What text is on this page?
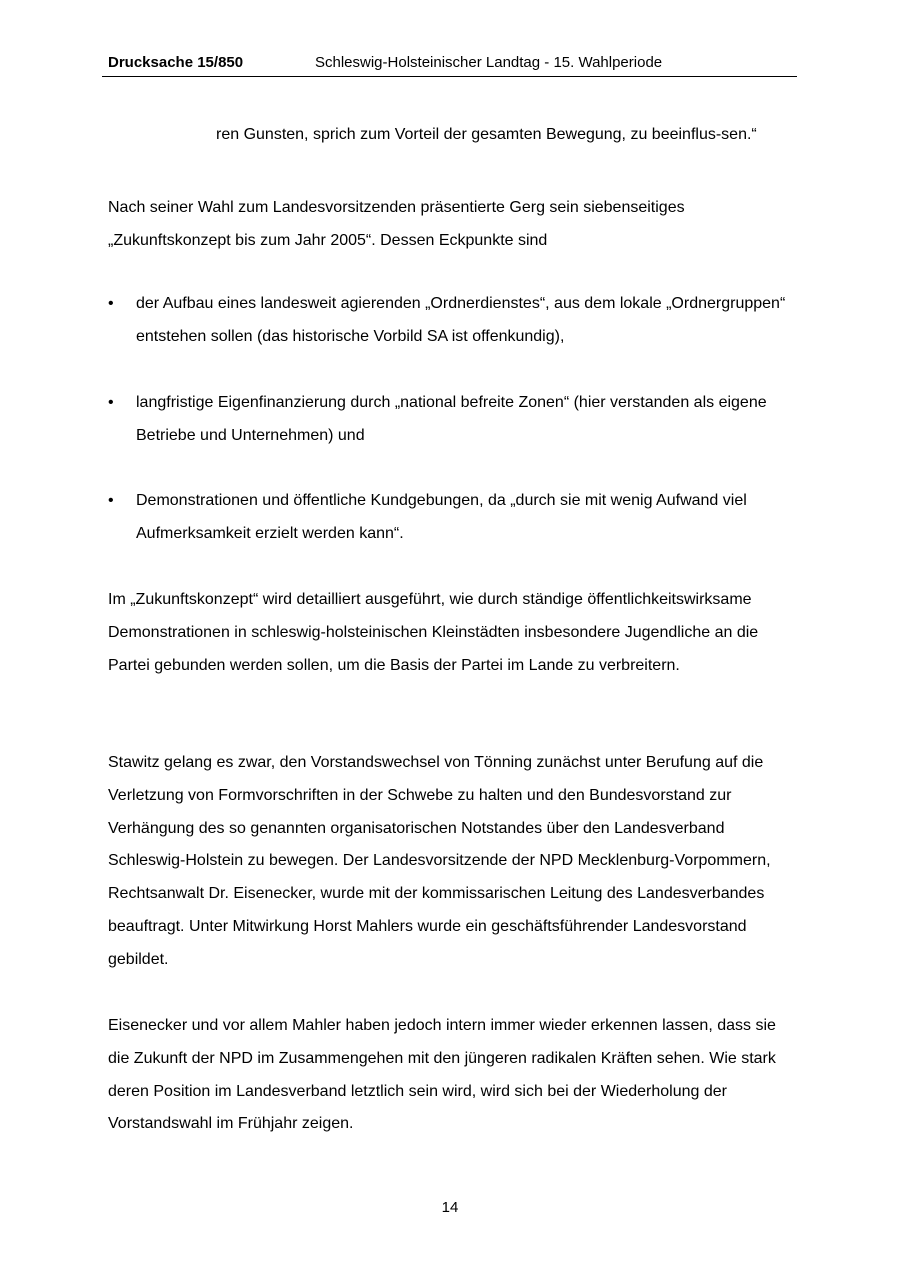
Drucksache 15/850	Schleswig-Holsteinischer Landtag - 15. Wahlperiode
ren Gunsten, sprich zum Vorteil der gesamten Bewegung, zu beeinflus-sen.“

Nach seiner Wahl zum Landesvorsitzenden präsentierte Gerg sein siebenseitiges „Zukunftskonzept bis zum Jahr 2005“. Dessen Eckpunkte sind

• der Aufbau eines landesweit agierenden „Ordnerdienstes“, aus dem lokale „Ordnergruppen“ entstehen sollen (das historische Vorbild SA ist offenkundig),
• langfristige Eigenfinanzierung durch „national befreite Zonen“ (hier verstanden als eigene Betriebe und Unternehmen) und
• Demonstrationen und öffentliche Kundgebungen, da „durch sie mit wenig Aufwand viel Aufmerksamkeit erzielt werden kann“.

Im „Zukunftskonzept“ wird detailliert ausgeführt, wie durch ständige öffentlichkeitswirksame Demonstrationen in schleswig-holsteinischen Kleinstädten insbesondere Jugendliche an die Partei gebunden werden sollen, um die Basis der Partei im Lande zu verbreitern.

Stawitz gelang es zwar, den Vorstandswechsel von Tönning zunächst unter Berufung auf die Verletzung von Formvorschriften in der Schwebe zu halten und den Bundesvorstand zur Verhängung des so genannten organisatorischen Notstandes über den Landesverband Schleswig-Holstein zu bewegen. Der Landesvorsitzende der NPD Mecklenburg-Vorpommern, Rechtsanwalt Dr. Eisenecker, wurde mit der kommissarischen Leitung des Landesverbandes beauftragt. Unter Mitwirkung Horst Mahlers wurde ein geschäftsführender Landesvorstand gebildet.

Eisenecker und vor allem Mahler haben jedoch intern immer wieder erkennen lassen, dass sie die Zukunft der NPD im Zusammengehen mit den jüngeren radikalen Kräften sehen. Wie stark deren Position im Landesverband letztlich sein wird, wird sich bei der Wiederholung der Vorstandswahl im Frühjahr zeigen.

14
